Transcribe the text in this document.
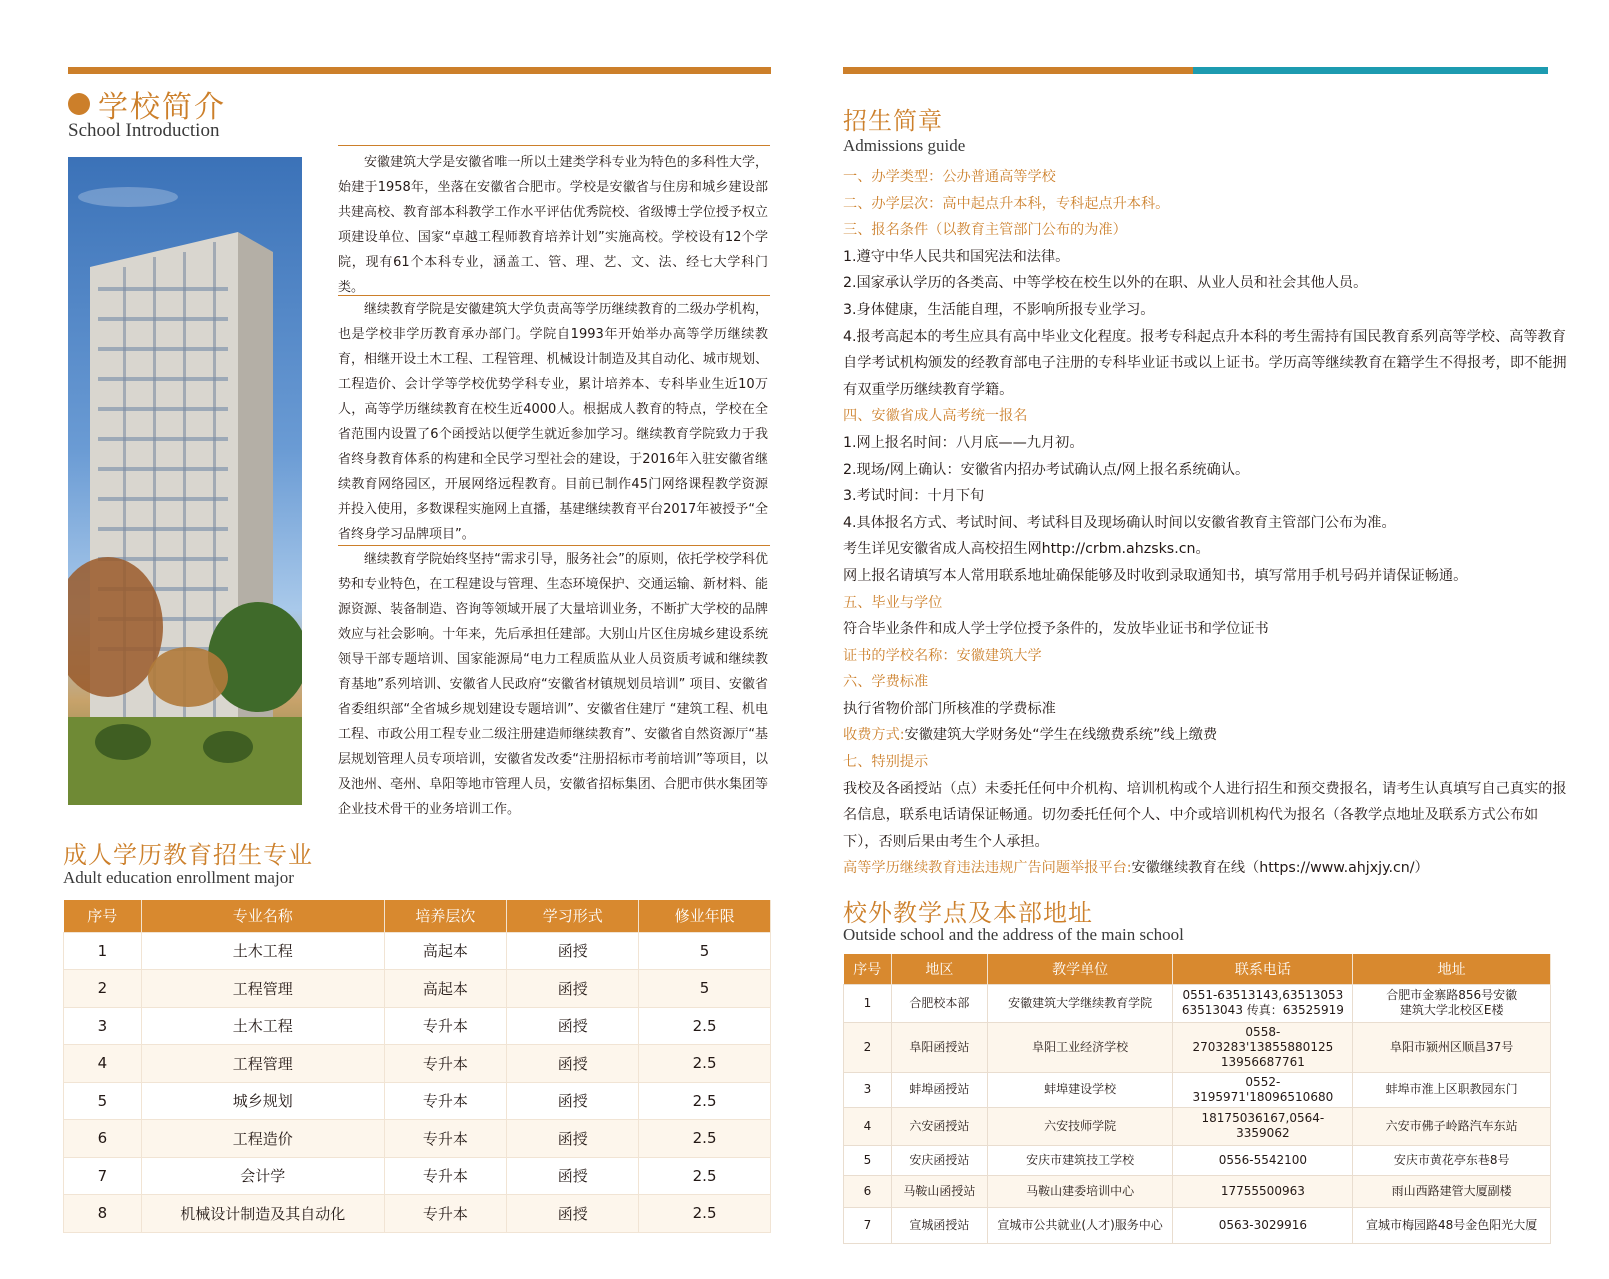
学校简介
School Introduction

安徽建筑大学是安徽省唯一所以土建类学科专业为特色的多科性大学，始建于1958年，坐落在安徽省合肥市。学校是安徽省与住房和城乡建设部共建高校、教育部本科教学工作水平评估优秀院校、省级博士学位授予权立项建设单位、国家“卓越工程师教育培养计划”实施高校。学校设有12个学院，现有61个本科专业，涵盖工、管、理、艺、文、法、经七大学科门类。

继续教育学院是安徽建筑大学负责高等学历继续教育的二级办学机构，也是学校非学历教育承办部门。学院自1993年开始举办高等学历继续教育，相继开设土木工程、工程管理、机械设计制造及其自动化、城市规划、工程造价、会计学等学校优势学科专业，累计培养本、专科毕业生近10万人，高等学历继续教育在校生近4000人。根据成人教育的特点，学校在全省范围内设置了6个函授站以便学生就近参加学习。继续教育学院致力于我省终身教育体系的构建和全民学习型社会的建设，于2016年入驻安徽省继续教育网络园区，开展网络远程教育。目前已制作45门网络课程教学资源并投入使用，多数课程实施网上直播，基建继续教育平台2017年被授予“全省终身学习品牌项目”。

继续教育学院始终坚持“需求引导，服务社会”的原则，依托学校学科优势和专业特色，在工程建设与管理、生态环境保护、交通运输、新材料、能源资源、装备制造、咨询等领域开展了大量培训业务，不断扩大学校的品牌效应与社会影响。十年来，先后承担任建部。大别山片区住房城乡建设系统领导干部专题培训、国家能源局“电力工程质监从业人员资质考诚和继续教育基地”系列培训、安徽省人民政府“安徽省材镇规划员培训” 项目、安徽省省委组织部“全省城乡规划建设专题培训”、安徽省住建厅 “建筑工程、机电工程、市政公用工程专业二级注册建造师继续教育”、安徽省自然资源厅“基层规划管理人员专项培训，安徽省发改委“注册招标市考前培训”等项目，以及池州、亳州、阜阳等地市管理人员，安徽省招标集团、合肥市供水集团等企业技术骨干的业务培训工作。

成人学历教育招生专业
Adult education enrollment major
序号	专业名称	培养层次	学习形式	修业年限
1	土木工程	高起本	函授	5
2	工程管理	高起本	函授	5
3	土木工程	专升本	函授	2.5
4	工程管理	专升本	函授	2.5
5	城乡规划	专升本	函授	2.5
6	工程造价	专升本	函授	2.5
7	会计学	专升本	函授	2.5
8	机械设计制造及其自动化	专升本	函授	2.5
招生简章
Admissions guide
一、办学类型：公办普通高等学校
二、办学层次：高中起点升本科，专科起点升本科。
三、报名条件（以教育主管部门公布的为准）
1.遵守中华人民共和国宪法和法律。
2.国家承认学历的各类高、中等学校在校生以外的在职、从业人员和社会其他人员。
3.身体健康，生活能自理，不影响所报专业学习。
4.报考高起本的考生应具有高中毕业文化程度。报考专科起点升本科的考生需持有国民教育系列高等学校、高等教育自学考试机构颁发的经教育部电子注册的专科毕业证书或以上证书。学历高等继续教育在籍学生不得报考，即不能拥有双重学历继续教育学籍。
四、安徽省成人高考统一报名
1.网上报名时间：八月底——九月初。
2.现场/网上确认：安徽省内招办考试确认点/网上报名系统确认。
3.考试时间：十月下旬
4.具体报名方式、考试时间、考试科目及现场确认时间以安徽省教育主管部门公布为准。
考生详见安徽省成人高校招生网http://crbm.ahzsks.cn。
网上报名请填写本人常用联系地址确保能够及时收到录取通知书，填写常用手机号码并请保证畅通。
五、毕业与学位
符合毕业条件和成人学士学位授予条件的，发放毕业证书和学位证书
证书的学校名称：安徽建筑大学
六、学费标准
执行省物价部门所核准的学费标准
收费方式:安徽建筑大学财务处“学生在线缴费系统”线上缴费
七、特别提示
我校及各函授站（点）未委托任何中介机构、培训机构或个人进行招生和预交费报名，请考生认真填写自己真实的报名信息，联系电话请保证畅通。切勿委托任何个人、中介或培训机构代为报名（各教学点地址及联系方式公布如下），否则后果由考生个人承担。
高等学历继续教育违法违规广告问题举报平台:安徽继续教育在线（https://www.ahjxjy.cn/）
校外教学点及本部地址
Outside school and the address of the main school
序号	地区	教学单位	联系电话	地址
1	合肥校本部	安徽建筑大学继续教育学院	0551-63513143,63513053
63513043 传真：63525919	合肥市金寨路856号安徽
建筑大学北校区E楼
2	阜阳函授站	阜阳工业经济学校	0558-2703283'13855880125
13956687761	阜阳市颍州区顺昌37号
3	蚌埠函授站	蚌埠建设学校	0552-3195971'18096510680	蚌埠市淮上区职教园东门
4	六安函授站	六安技师学院	18175036167,0564-3359062	六安市佛子岭路汽车东站
5	安庆函授站	安庆市建筑技工学校	0556-5542100	安庆市黄花亭东巷8号
6	马鞍山函授站	马鞍山建委培训中心	17755500963	雨山西路建管大厦副楼
7	宣城函授站	宣城市公共就业(人才)服务中心	0563-3029916	宣城市梅园路48号金色阳光大厦
